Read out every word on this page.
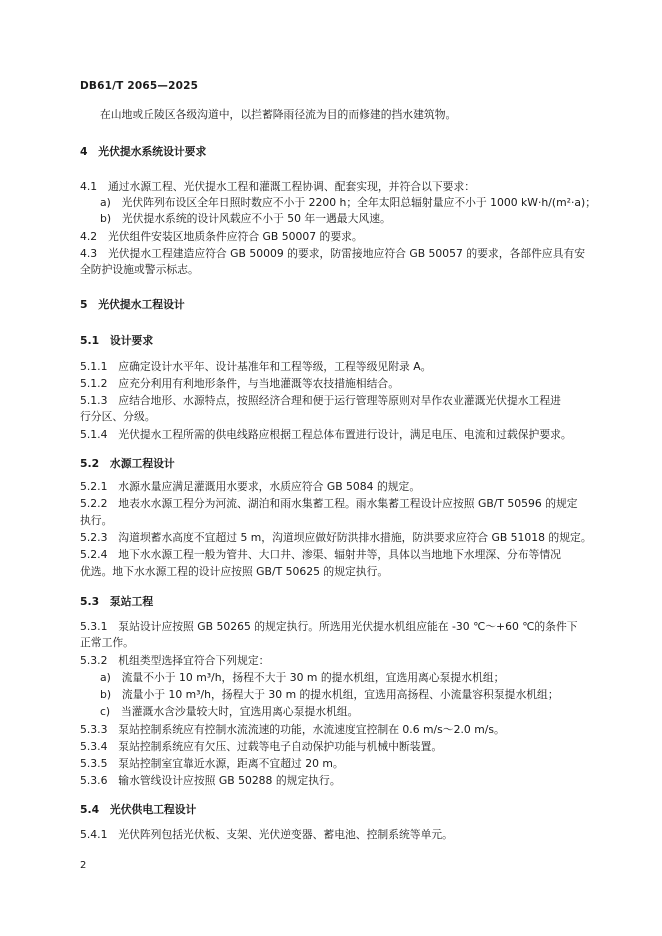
DB61/T 2065—2025
在山地或丘陵区各级沟道中，以拦蓄降雨径流为目的而修建的挡水建筑物。
4　光伏提水系统设计要求
4.1　通过水源工程、光伏提水工程和灌溉工程协调、配套实现，并符合以下要求：
a)　光伏阵列布设区全年日照时数应不小于 2200 h；全年太阳总辐射量应不小于 1000 kW·h/(m²·a)；
b)　光伏提水系统的设计风载应不小于 50 年一遇最大风速。
4.2　光伏组件安装区地质条件应符合 GB 50007 的要求。
4.3　光伏提水工程建造应符合 GB 50009 的要求，防雷接地应符合 GB 50057 的要求，各部件应具有安
全防护设施或警示标志。
5　光伏提水工程设计
5.1　设计要求
5.1.1　应确定设计水平年、设计基准年和工程等级，工程等级见附录 A。
5.1.2　应充分利用有利地形条件，与当地灌溉等农技措施相结合。
5.1.3　应结合地形、水源特点，按照经济合理和便于运行管理等原则对旱作农业灌溉光伏提水工程进
行分区、分级。
5.1.4　光伏提水工程所需的供电线路应根据工程总体布置进行设计，满足电压、电流和过载保护要求。
5.2　水源工程设计
5.2.1　水源水量应满足灌溉用水要求，水质应符合 GB 5084 的规定。
5.2.2　地表水水源工程分为河流、湖泊和雨水集蓄工程。雨水集蓄工程设计应按照 GB/T 50596 的规定
执行。
5.2.3　沟道坝蓄水高度不宜超过 5 m，沟道坝应做好防洪排水措施，防洪要求应符合 GB 51018 的规定。
5.2.4　地下水水源工程一般为管井、大口井、渗渠、辐射井等，具体以当地地下水埋深、分布等情况
优选。地下水水源工程的设计应按照 GB/T 50625 的规定执行。
5.3　泵站工程
5.3.1　泵站设计应按照 GB 50265 的规定执行。所选用光伏提水机组应能在 -30 ℃～+60 ℃的条件下
正常工作。
5.3.2　机组类型选择宜符合下列规定：
a)　流量不小于 10 m³/h，扬程不大于 30 m 的提水机组，宜选用离心泵提水机组；
b)　流量小于 10 m³/h，扬程大于 30 m 的提水机组，宜选用高扬程、小流量容积泵提水机组；
c)　当灌溉水含沙量较大时，宜选用离心泵提水机组。
5.3.3　泵站控制系统应有控制水流流速的功能，水流速度宜控制在 0.6 m/s～2.0 m/s。
5.3.4　泵站控制系统应有欠压、过载等电子自动保护功能与机械中断装置。
5.3.5　泵站控制室宜靠近水源，距离不宜超过 20 m。
5.3.6　输水管线设计应按照 GB 50288 的规定执行。
5.4　光伏供电工程设计
5.4.1　光伏阵列包括光伏板、支架、光伏逆变器、蓄电池、控制系统等单元。
2
